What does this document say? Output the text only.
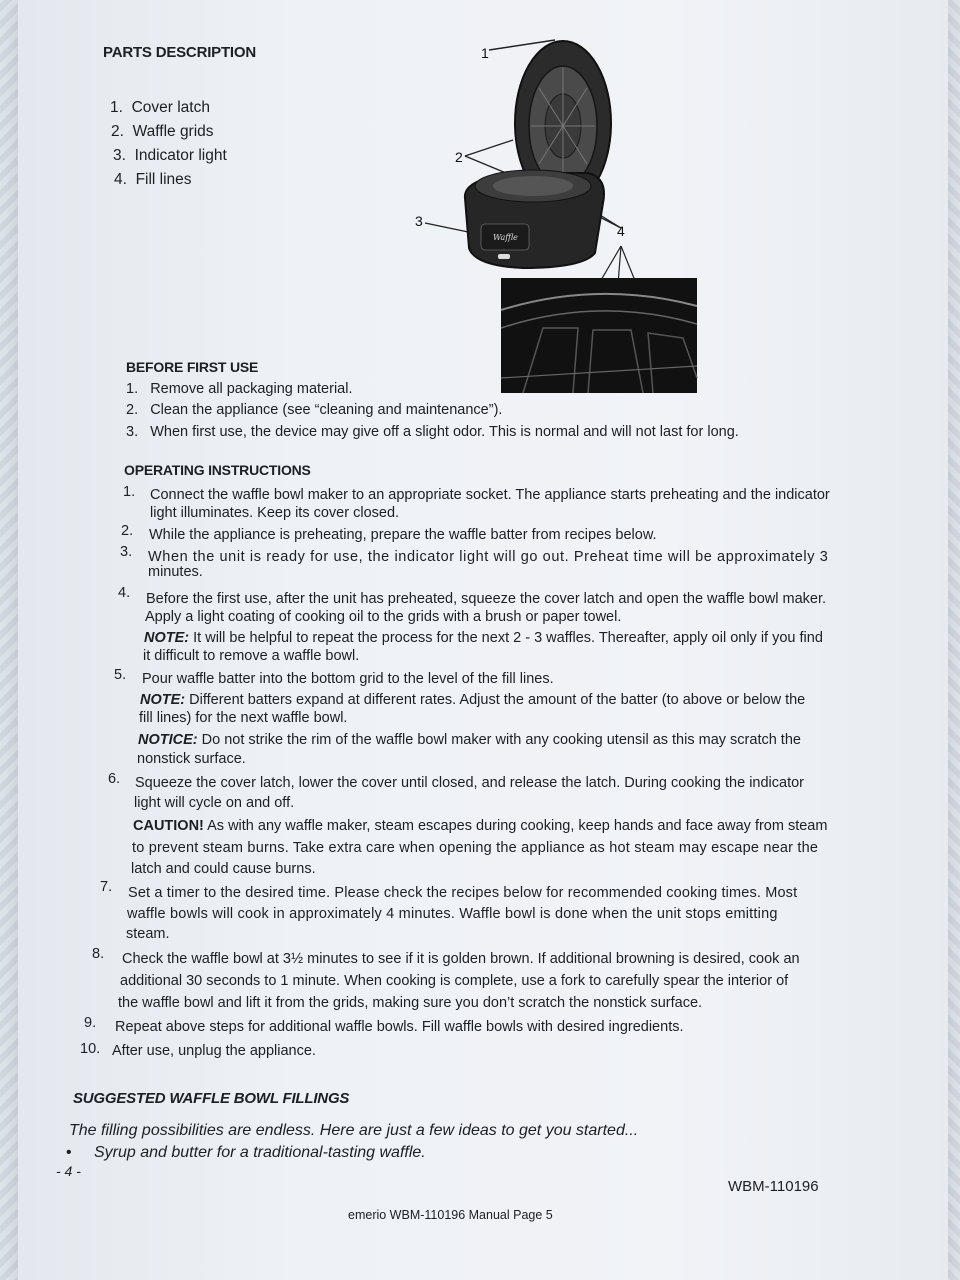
PARTS DESCRIPTION
1. Cover latch
2. Waffle grids
3. Indicator light
4. Fill lines
Waffle
1
2
3
4
BEFORE FIRST USE
1. Remove all packaging material.
2. Clean the appliance (see “cleaning and maintenance”).
3. When first use, the device may give off a slight odor. This is normal and will not last for long.
OPERATING INSTRUCTIONS
1. Connect the waffle bowl maker to an appropriate socket. The appliance starts preheating and the indicator
light illuminates. Keep its cover closed.
2. While the appliance is preheating, prepare the waffle batter from recipes below.
3. When the unit is ready for use, the indicator light will go out. Preheat time will be approximately 3
minutes.
4. Before the first use, after the unit has preheated, squeeze the cover latch and open the waffle bowl maker.
Apply a light coating of cooking oil to the grids with a brush or paper towel.
NOTE: It will be helpful to repeat the process for the next 2 - 3 waffles. Thereafter, apply oil only if you find
it difficult to remove a waffle bowl.
5. Pour waffle batter into the bottom grid to the level of the fill lines.
NOTE: Different batters expand at different rates. Adjust the amount of the batter (to above or below the
fill lines) for the next waffle bowl.
NOTICE: Do not strike the rim of the waffle bowl maker with any cooking utensil as this may scratch the
nonstick surface.
6. Squeeze the cover latch, lower the cover until closed, and release the latch. During cooking the indicator
light will cycle on and off.
CAUTION! As with any waffle maker, steam escapes during cooking, keep hands and face away from steam
to prevent steam burns. Take extra care when opening the appliance as hot steam may escape near the
latch and could cause burns.
7. Set a timer to the desired time. Please check the recipes below for recommended cooking times. Most
waffle bowls will cook in approximately 4 minutes. Waffle bowl is done when the unit stops emitting
steam.
8. Check the waffle bowl at 3½ minutes to see if it is golden brown. If additional browning is desired, cook an
additional 30 seconds to 1 minute. When cooking is complete, use a fork to carefully spear the interior of
the waffle bowl and lift it from the grids, making sure you don’t scratch the nonstick surface.
9. Repeat above steps for additional waffle bowls. Fill waffle bowls with desired ingredients.
10. After use, unplug the appliance.
SUGGESTED WAFFLE BOWL FILLINGS
The filling possibilities are endless. Here are just a few ideas to get you started...
• Syrup and butter for a traditional-tasting waffle.
- 4 -
WBM-110196
emerio WBM-110196 Manual Page 5
